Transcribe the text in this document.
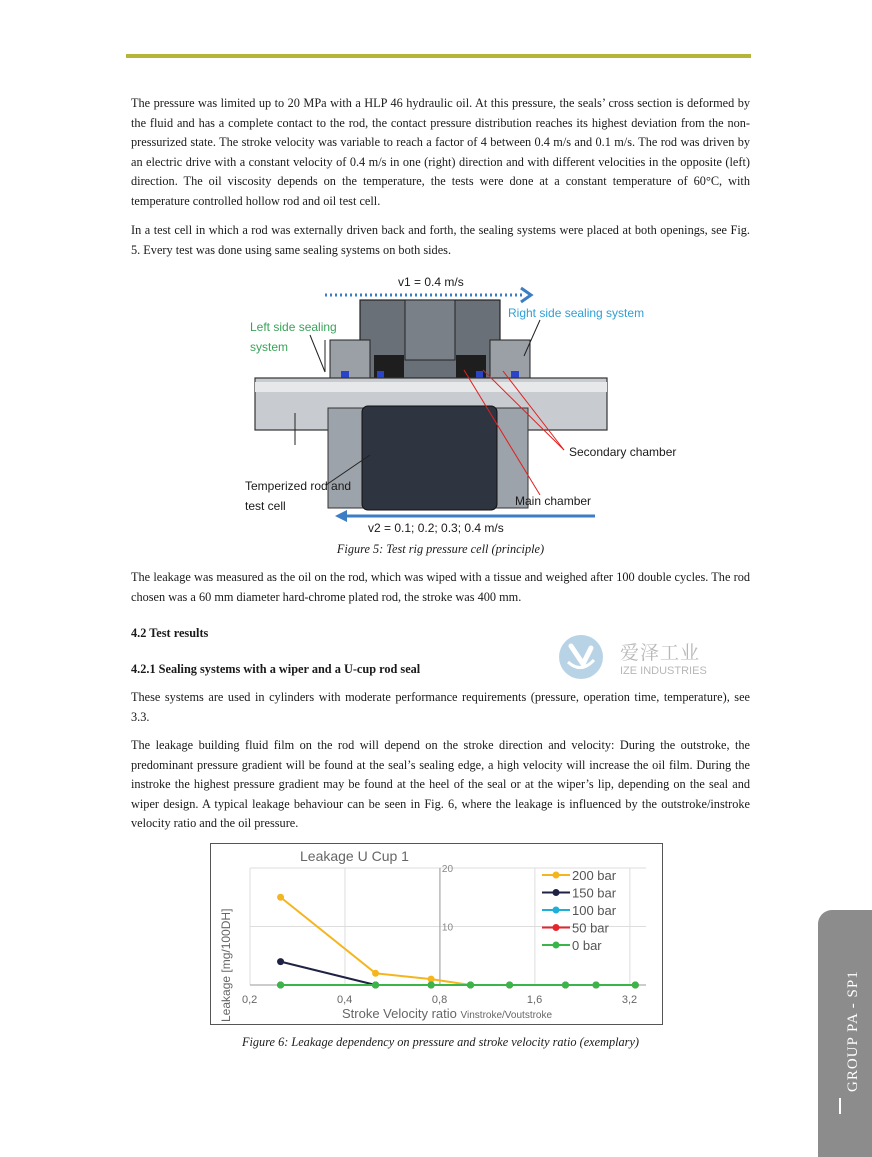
The pressure was limited up to 20 MPa with a HLP 46 hydraulic oil. At this pressure, the seals’ cross section is deformed by the fluid and has a complete contact to the rod, the contact pressure distribution reaches its highest deviation from the non-pressurized state. The stroke velocity was variable to reach a factor of 4 between 0.4 m/s and 0.1 m/s. The rod was driven by an electric drive with a constant velocity of 0.4 m/s in one (right) direction and with different velocities in the opposite (left) direction. The oil viscosity depends on the temperature, the tests were done at a constant temperature of 60°C, with temperature controlled hollow rod and oil test cell.

In a test cell in which a rod was externally driven back and forth, the sealing systems were placed at both openings, see Fig. 5. Every test was done using same sealing systems on both sides.

v1 = 0.4 m/s
Left side sealing
system
Right side sealing system
Secondary chamber
Main chamber
Temperized rod and
test cell
v2 = 0.1; 0.2; 0.3; 0.4 m/s

Figure 5: Test rig pressure cell (principle)

The leakage was measured as the oil on the rod, which was wiped with a tissue and weighed after 100 double cycles. The rod chosen was a 60 mm diameter hard-chrome plated rod, the stroke was 400 mm.

4.2 Test results

爱泽工业
IZE INDUSTRIES

4.2.1 Sealing systems with a wiper and a U-cup rod seal

These systems are used in cylinders with moderate performance requirements (pressure, operation time, temperature), see 3.3.

The leakage building fluid film on the rod will depend on the stroke direction and velocity: During the outstroke, the predominant pressure gradient will be found at the seal’s sealing edge, a high velocity will increase the oil film. During the instroke the highest pressure gradient may be found at the heel of the seal or at the wiper’s lip, depending on the seal and wiper design. A typical leakage behaviour can be seen in Fig. 6, where the leakage is influenced by the outstroke/instroke velocity ratio and the oil pressure.

0,2	0,4	0,8	1,6	3,2
20
10
200 bar
150 bar
100 bar
50 bar
0 bar
Leakage U Cup 1
Leakage [mg/100DH]	Stroke Velocity ratio Vinstroke/Voutstroke

Figure 6: Leakage dependency on pressure and stroke velocity ratio (exemplary)	GROUP PA - SP1
